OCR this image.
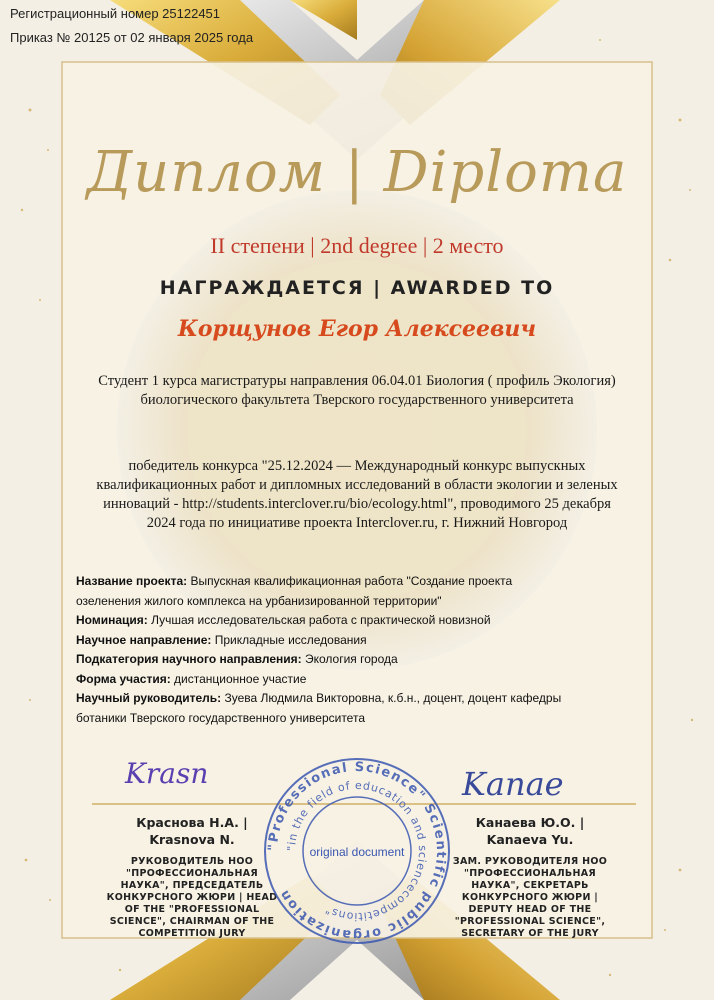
Регистрационный номер 25122451
Приказ № 20125 от 02 января 2025 года
Диплом | Diploma
II степени | 2nd degree | 2 место
НАГРАЖДАЕТСЯ | AWARDED TO
Корщунов Егор Алексеевич
Студент 1 курса магистратуры направления 06.04.01 Биология ( профиль Экология)
биологического факультета Тверского государственного университета
победитель конкурса "25.12.2024 — Международный конкурс выпускных
квалификационных работ и дипломных исследований в области экологии и зеленых
инноваций - http://students.interclover.ru/bio/ecology.html", проводимого 25 декабря
2024 года по инициативе проекта Interclover.ru, г. Нижний Новгород
Название проекта: Выпускная квалификационная работа "Создание проекта
озеленения жилого комплекса на урбанизированной территории"
Номинация: Лучшая исследовательская работа с практической новизной
Научное направление: Прикладные исследования
Подкатегория научного направления: Экология города
Форма участия: дистанционное участие
Научный руководитель: Зуева Людмила Викторовна, к.б.н., доцент, доцент кафедры
ботаники Тверского государственного университета
Krasn	Kanae
Краснова Н.А. |
Krasnova N.
РУКОВОДИТЕЛЬ НОО
"ПРОФЕССИОНАЛЬНАЯ
НАУКА", ПРЕДСЕДАТЕЛЬ
КОНКУРСНОГО ЖЮРИ | HEAD
OF THE "PROFESSIONAL
SCIENCE", CHAIRMAN OF THE
COMPETITION JURY
Канаева Ю.О. |
Kanaeva Yu.
ЗАМ. РУКОВОДИТЕЛЯ НОО
"ПРОФЕССИОНАЛЬНАЯ
НАУКА", СЕКРЕТАРЬ
КОНКУРСНОГО ЖЮРИ |
DEPUTY HEAD OF THE
"PROFESSIONAL SCIENCE",
SECRETARY OF THE JURY
"Professional Science" Scientific public organization
"in the field of education and sciencecompetitions"
original document
